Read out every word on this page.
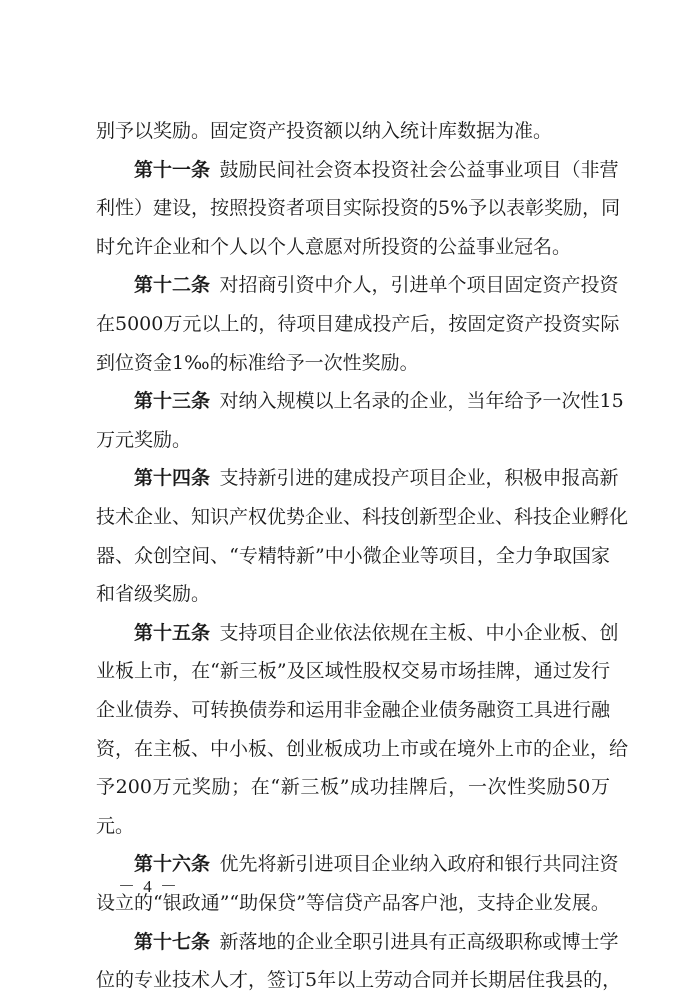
别予以奖励。固定资产投资额以纳入统计库数据为准。
第十一条  鼓励民间社会资本投资社会公益事业项目（非营
利性）建设，按照投资者项目实际投资的5%予以表彰奖励，同
时允许企业和个人以个人意愿对所投资的公益事业冠名。
第十二条  对招商引资中介人，引进单个项目固定资产投资
在5000万元以上的，待项目建成投产后，按固定资产投资实际
到位资金1‰的标准给予一次性奖励。
第十三条  对纳入规模以上名录的企业，当年给予一次性15
万元奖励。
第十四条  支持新引进的建成投产项目企业，积极申报高新
技术企业、知识产权优势企业、科技创新型企业、科技企业孵化
器、众创空间、“专精特新”中小微企业等项目，全力争取国家
和省级奖励。
第十五条  支持项目企业依法依规在主板、中小企业板、创
业板上市，在“新三板”及区域性股权交易市场挂牌，通过发行
企业债券、可转换债券和运用非金融企业债务融资工具进行融
资，在主板、中小板、创业板成功上市或在境外上市的企业，给
予200万元奖励；在“新三板”成功挂牌后，一次性奖励50万
元。
第十六条  优先将新引进项目企业纳入政府和银行共同注资
设立的“银政通”“助保贷”等信贷产品客户池，支持企业发展。
第十七条  新落地的企业全职引进具有正高级职称或博士学
位的专业技术人才，签订5年以上劳动合同并长期居住我县的，
－ 4 －
